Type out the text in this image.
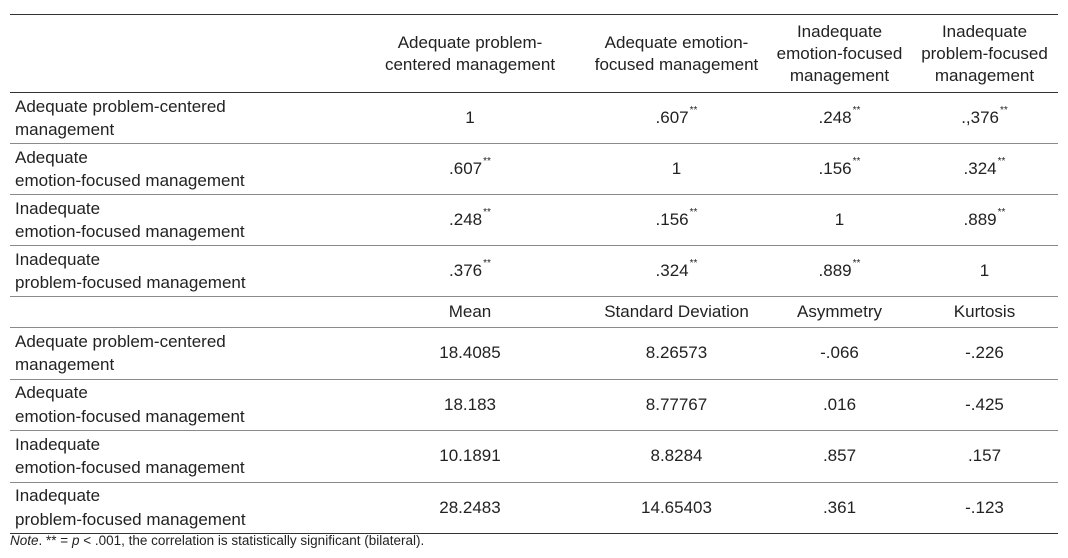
	Adequate problem-
centered management	Adequate emotion-
focused management	Inadequate
emotion-focused
management	Inadequate
problem-focused
management
Adequate problem-centered
management	1	.607**	.248**	.,376**
Adequate
emotion-focused management	.607**	1	.156**	.324**
Inadequate
emotion-focused management	.248**	.156**	1	.889**
Inadequate
problem-focused management	.376**	.324**	.889**	1
	Mean	Standard Deviation	Asymmetry	Kurtosis
Adequate problem-centered
management	18.4085	8.26573	-.066	-.226
Adequate
emotion-focused management	18.183	8.77767	.016	-.425
Inadequate
emotion-focused management	10.1891	8.8284	.857	.157
Inadequate
problem-focused management	28.2483	14.65403	.361	-.123
Note. ** = p < .001, the correlation is statistically significant (bilateral).
